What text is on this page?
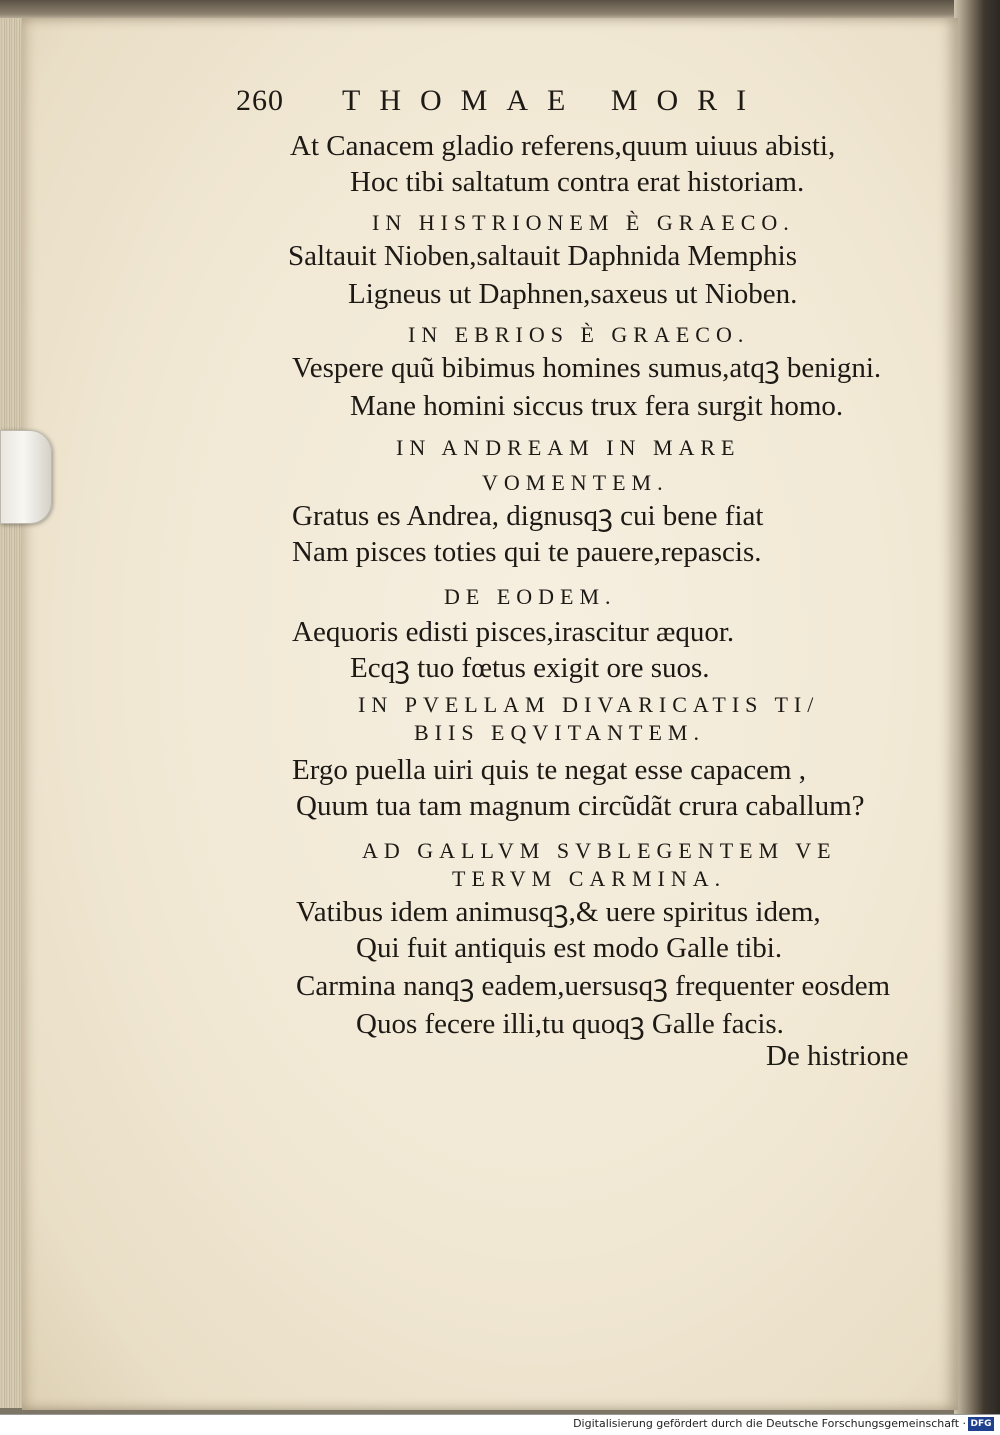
260 THOMAE MORI
At Canacem gladio referens,quum uiuus abisti,
Hoc tibi saltatum contra erat historiam.
IN HISTRIONEM È GRAECO.
Saltauit Nioben,saltauit Daphnida Memphis
Ligneus ut Daphnen,saxeus ut Nioben.
IN EBRIOS È GRAECO.
Vespere quũ bibimus homines sumus,atqꝫ benigni.
Mane homini siccus trux fera surgit homo.
IN ANDREAM IN MARE
VOMENTEM.
Gratus es Andrea, dignusqꝫ cui bene fiat
Nam pisces toties qui te pauere,repascis.
DE EODEM.
Aequoris edisti pisces,irascitur æquor.
Ecqꝫ tuo fœtus exigit ore suos.
IN PVELLAM DIVARICATIS TI/
BIIS EQVITANTEM.
Ergo puella uiri quis te negat esse capacem ,
Quum tua tam magnum circũdãt crura caballum?
AD GALLVM SVBLEGENTEM VE
TERVM CARMINA.
Vatibus idem animusqꝫ,& uere spiritus idem,
Qui fuit antiquis est modo Galle tibi.
Carmina nanqꝫ eadem,uersusqꝫ frequenter eosdem
Quos fecere illi,tu quoqꝫ Galle facis.
De histrione
Digitalisierung gefördert durch die Deutsche Forschungsgemeinschaft · DFG
